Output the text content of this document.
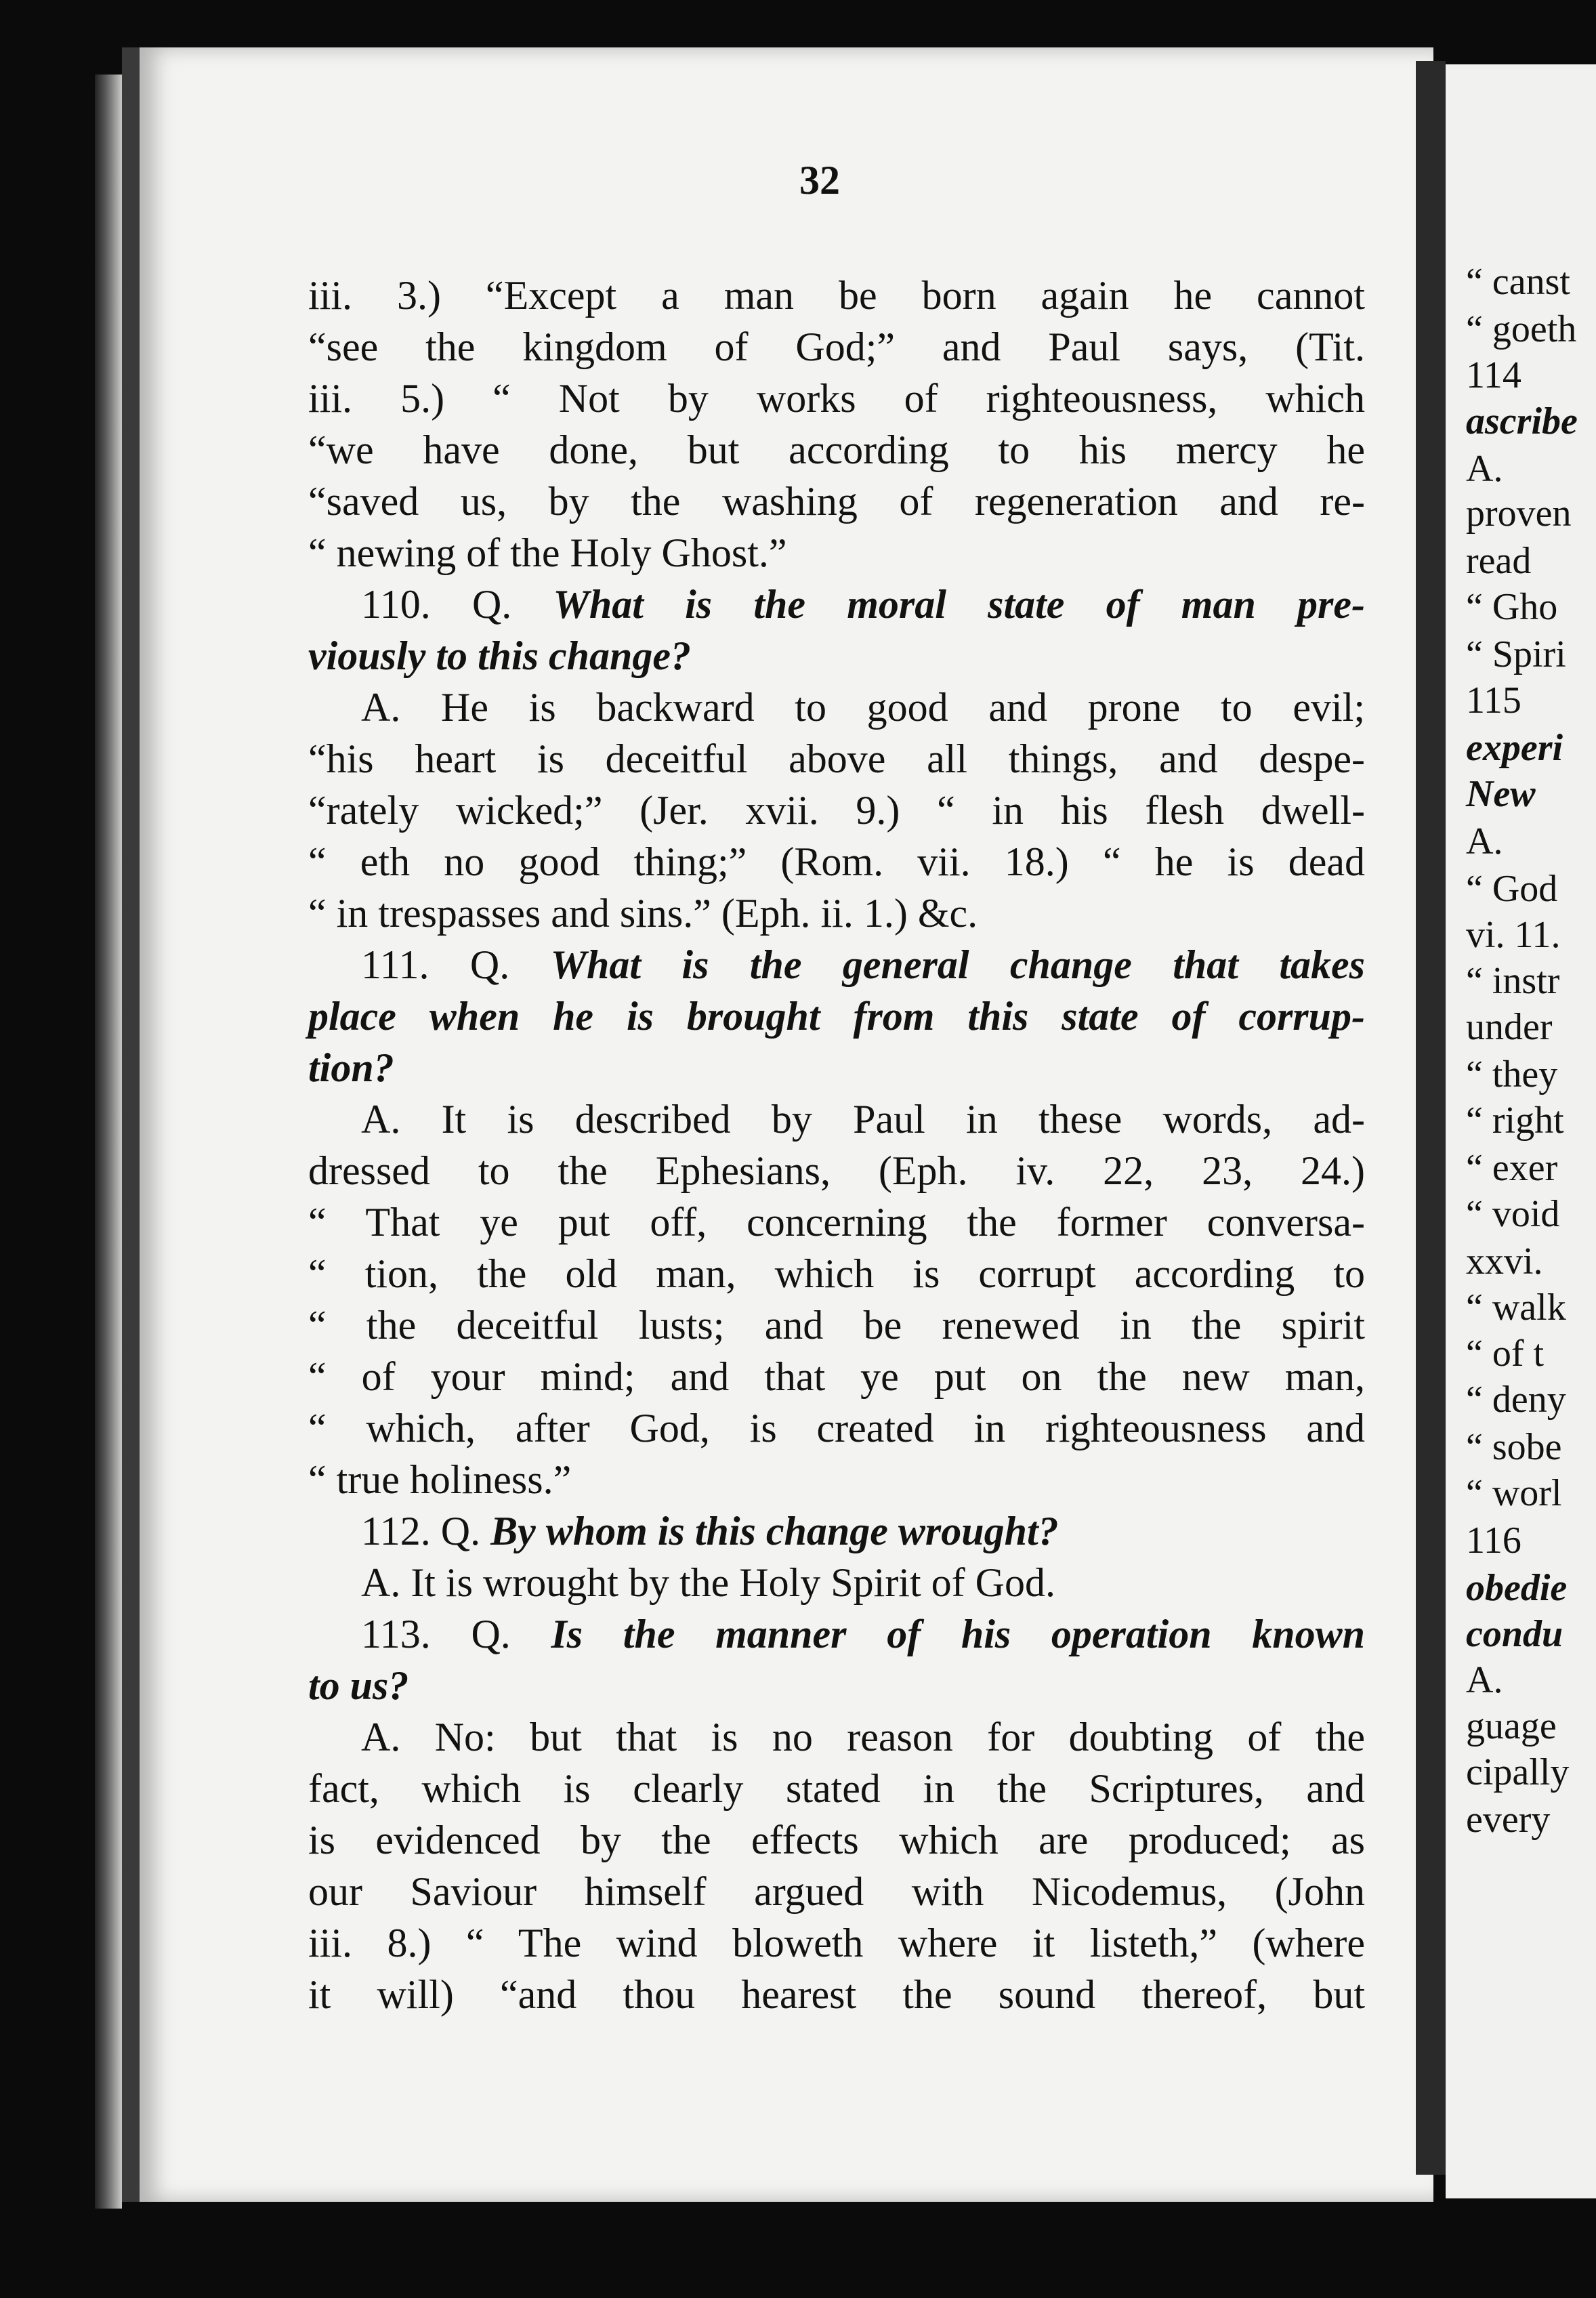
32
iii. 3.) “Except a man be born again he cannot
“see the kingdom of God;” and Paul says, (Tit.
iii. 5.) “ Not by works of righteousness, which
“we have done, but according to his mercy he
“saved us, by the washing of regeneration and re-
“ newing of the Holy Ghost.”
110. Q. What is the moral state of man pre-
viously to this change?
A. He is backward to good and prone to evil;
“his heart is deceitful above all things, and despe-
“rately wicked;” (Jer. xvii. 9.) “ in his flesh dwell-
“ eth no good thing;” (Rom. vii. 18.) “ he is dead
“ in trespasses and sins.” (Eph. ii. 1.) &c.
111. Q. What is the general change that takes
place when he is brought from this state of corrup-
tion?
A. It is described by Paul in these words, ad-
dressed to the Ephesians, (Eph. iv. 22, 23, 24.)
“ That ye put off, concerning the former conversa-
“ tion, the old man, which is corrupt according to
“ the deceitful lusts; and be renewed in the spirit
“ of your mind; and that ye put on the new man,
“ which, after God, is created in righteousness and
“ true holiness.”
112. Q. By whom is this change wrought?
A. It is wrought by the Holy Spirit of God.
113. Q. Is the manner of his operation known
to us?
A. No: but that is no reason for doubting of the
fact, which is clearly stated in the Scriptures, and
is evidenced by the effects which are produced; as
our Saviour himself argued with Nicodemus, (John
iii. 8.) “ The wind bloweth where it listeth,” (where
it will) “and thou hearest the sound thereof, but
“ canst
“ goeth
114
ascribe
A.
proven
read
“ Gho
“ Spiri
115
experi
New
A.
“ God
vi. 11.
“ instr
under
“ they
“ right
“ exer
“ void
xxvi.
“ walk
“ of t
“ deny
“ sobe
“ worl
116
obedie
condu
A.
guage
cipally
every
